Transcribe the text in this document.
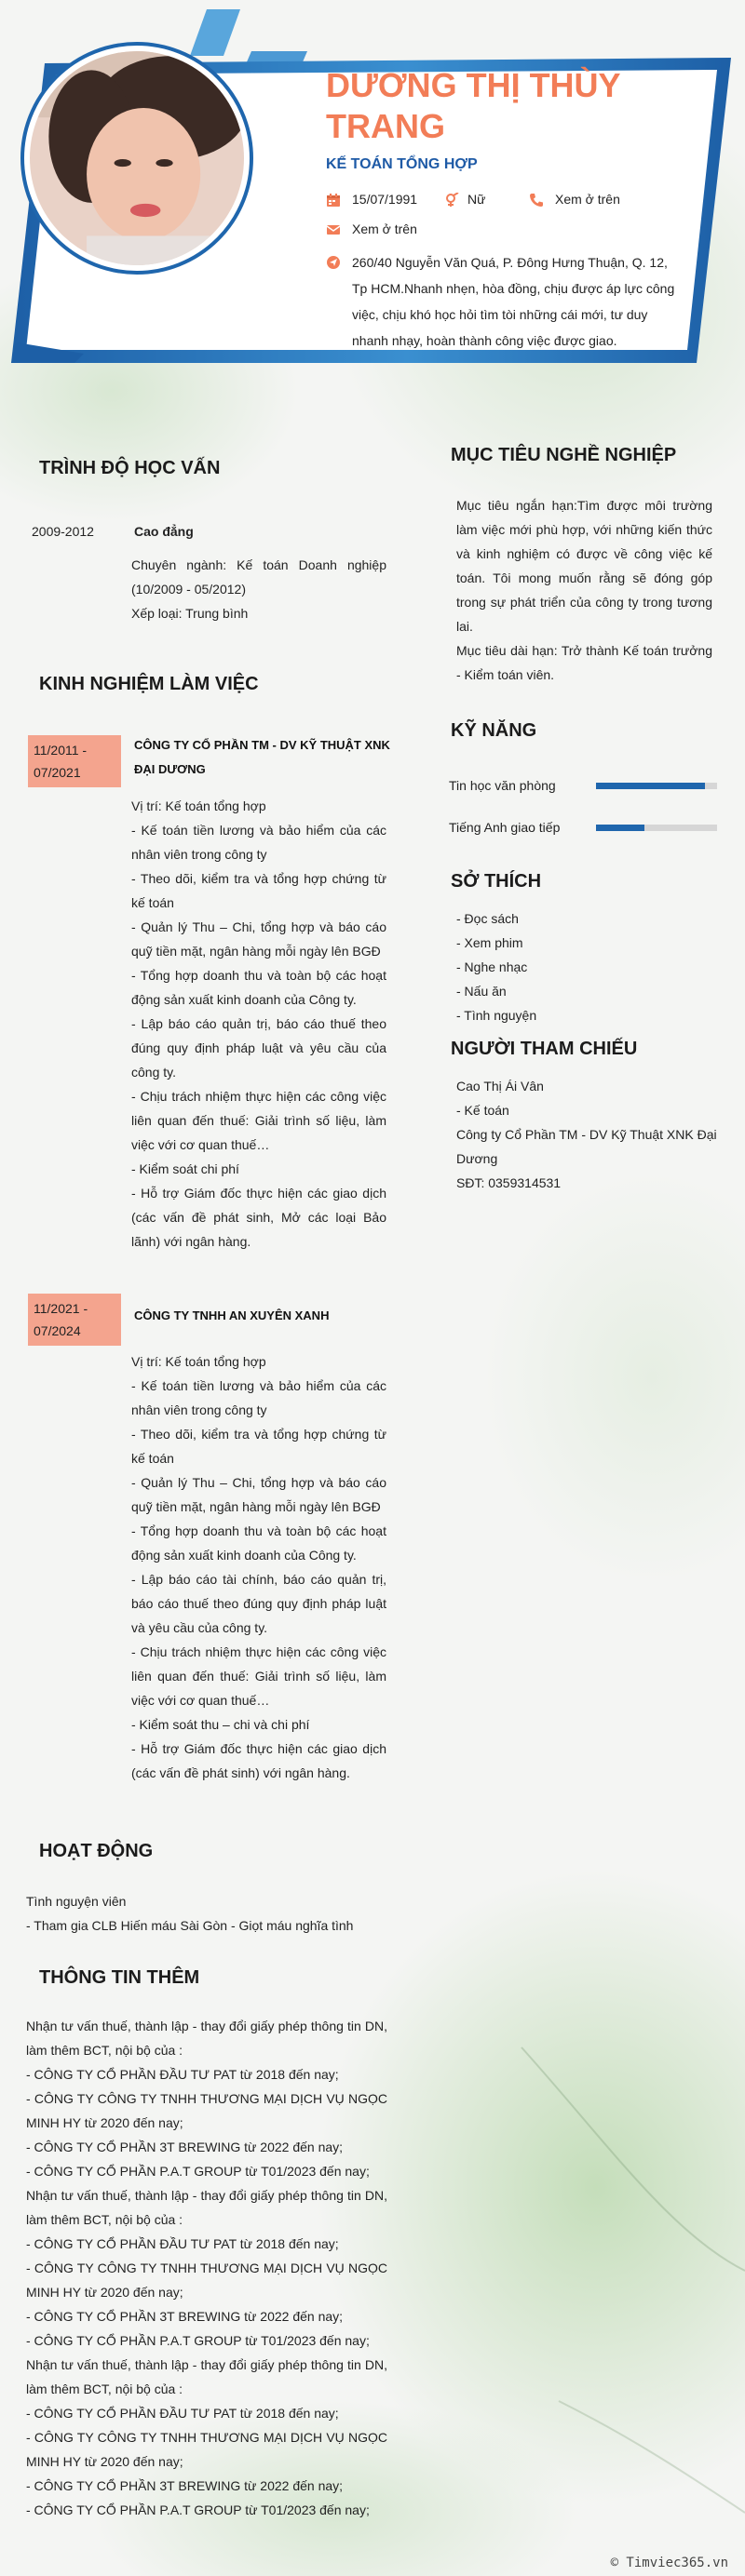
DƯƠNG THỊ THÙY TRANG
KẾ TOÁN TỔNG HỢP
15/07/1991	Nữ	Xem ở trên
Xem ở trên
260/40 Nguyễn Văn Quá, P. Đông Hưng Thuận, Q. 12, Tp HCM.Nhanh nhẹn, hòa đồng, chịu được áp lực công việc, chịu khó học hỏi tìm tòi những cái mới, tư duy nhanh nhạy, hoàn thành công việc được giao.
TRÌNH ĐỘ HỌC VẤN
2009-2012	Cao đẳng
Chuyên ngành: Kế toán Doanh nghiệp (10/2009 - 05/2012)
Xếp loại: Trung bình
KINH NGHIỆM LÀM VIỆC
11/2011 - 07/2021
CÔNG TY CỔ PHẦN TM - DV KỸ THUẬT XNK ĐẠI DƯƠNG
Vị trí: Kế toán tổng hợp

- Kế toán tiền lương và bảo hiểm của các nhân viên trong công ty

- Theo dõi, kiểm tra và tổng hợp chứng từ kế toán

- Quản lý Thu – Chi, tổng hợp và báo cáo quỹ tiền mặt, ngân hàng mỗi ngày lên BGĐ

- Tổng hợp doanh thu và toàn bộ các hoạt động sản xuất kinh doanh của Công ty.

- Lập báo cáo quản trị, báo cáo thuế theo đúng quy định pháp luật và yêu cầu của công ty.

- Chịu trách nhiệm thực hiện các công việc liên quan đến thuế: Giải trình số liệu, làm việc với cơ quan thuế…

- Kiểm soát chi phí

- Hỗ trợ Giám đốc thực hiện các giao dịch (các vấn đề phát sinh, Mở các loại Bảo lãnh) với ngân hàng.

11/2021 - 07/2024
CÔNG TY TNHH AN XUYÊN XANH
Vị trí: Kế toán tổng hợp

- Kế toán tiền lương và bảo hiểm của các nhân viên trong công ty

- Theo dõi, kiểm tra và tổng hợp chứng từ kế toán

- Quản lý Thu – Chi, tổng hợp và báo cáo quỹ tiền mặt, ngân hàng mỗi ngày lên BGĐ

- Tổng hợp doanh thu và toàn bộ các hoạt động sản xuất kinh doanh của Công ty.

- Lập báo cáo tài chính, báo cáo quản trị, báo cáo thuế theo đúng quy định pháp luật và yêu cầu của công ty.

- Chịu trách nhiệm thực hiện các công việc liên quan đến thuế: Giải trình số liệu, làm việc với cơ quan thuế…

- Kiểm soát thu – chi và chi phí

- Hỗ trợ Giám đốc thực hiện các giao dịch (các vấn đề phát sinh) với ngân hàng.

HOẠT ĐỘNG
Tình nguyện viên
- Tham gia CLB Hiến máu Sài Gòn - Giọt máu nghĩa tình
THÔNG TIN THÊM

Nhận tư vấn thuế, thành lập - thay đổi giấy phép thông tin DN, làm thêm BCT, nội bộ của :

- CÔNG TY CỔ PHẦN ĐẦU TƯ PAT từ 2018 đến nay;

- CÔNG TY CÔNG TY TNHH THƯƠNG MẠI DỊCH VỤ NGỌC MINH HY từ 2020 đến nay;

- CÔNG TY CỔ PHẦN 3T BREWING từ 2022 đến nay;

- CÔNG TY CỔ PHẦN P.A.T GROUP từ T01/2023 đến nay;

Nhận tư vấn thuế, thành lập - thay đổi giấy phép thông tin DN, làm thêm BCT, nội bộ của :

- CÔNG TY CỔ PHẦN ĐẦU TƯ PAT từ 2018 đến nay;

- CÔNG TY CÔNG TY TNHH THƯƠNG MẠI DỊCH VỤ NGỌC MINH HY từ 2020 đến nay;

- CÔNG TY CỔ PHẦN 3T BREWING từ 2022 đến nay;

- CÔNG TY CỔ PHẦN P.A.T GROUP từ T01/2023 đến nay;

Nhận tư vấn thuế, thành lập - thay đổi giấy phép thông tin DN, làm thêm BCT, nội bộ của :

- CÔNG TY CỔ PHẦN ĐẦU TƯ PAT từ 2018 đến nay;

- CÔNG TY CÔNG TY TNHH THƯƠNG MẠI DỊCH VỤ NGỌC MINH HY từ 2020 đến nay;

- CÔNG TY CỔ PHẦN 3T BREWING từ 2022 đến nay;

- CÔNG TY CỔ PHẦN P.A.T GROUP từ T01/2023 đến nay;

MỤC TIÊU NGHỀ NGHIỆP
Mục tiêu ngắn hạn:Tìm được môi trường làm việc mới phù hợp, với những kiến thức và kinh nghiệm có được về công việc kế toán. Tôi mong muốn rằng sẽ đóng góp trong sự phát triển của công ty trong tương lai.
Mục tiêu dài hạn: Trở thành Kế toán trưởng - Kiểm toán viên.
KỸ NĂNG
Tin học văn phòng
Tiếng Anh giao tiếp
SỞ THÍCH

- Đọc sách

- Xem phim

- Nghe nhạc

- Nấu ăn

- Tình nguyện

NGƯỜI THAM CHIẾU

Cao Thị Ái Vân

- Kế toán

Công ty Cổ Phần TM - DV Kỹ Thuật XNK Đại Dương

SĐT: 0359314531

© Timviec365.vn
